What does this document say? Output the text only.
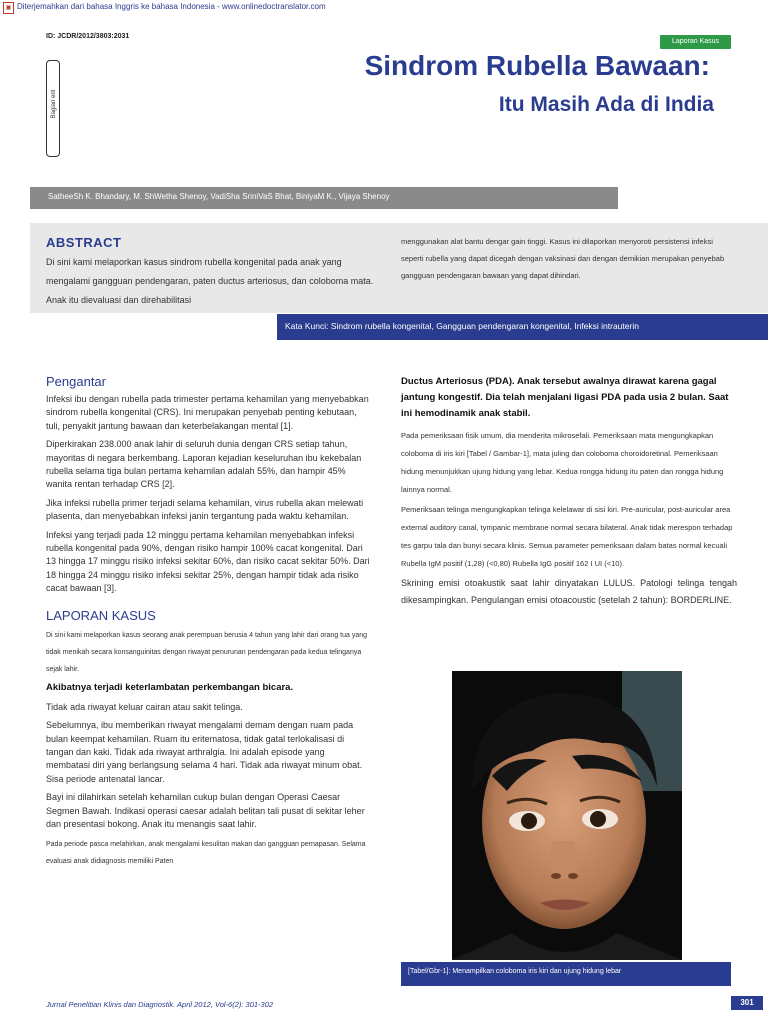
▣ Diterjemahkan dari bahasa Inggris ke bahasa Indonesia - www.onlinedoctranslator.com
ID: JCDR/2012/3803:2031
Laporan Kasus
Bagian ent
Sindrom Rubella Bawaan:
Itu Masih Ada di India
SatheeSh K. Bhandary, M. ShWetha Shenoy, VadiSha SriniVaS Bhat, BiniyaM K., Vijaya Shenoy
ABSTRACT
Di sini kami melaporkan kasus sindrom rubella kongenital pada anak yang mengalami gangguan pendengaran, paten ductus arteriosus, dan coloboma mata. Anak itu dievaluasi dan direhabilitasi
menggunakan alat bantu dengar gain tinggi. Kasus ini dilaporkan menyoroti persistensi infeksi seperti rubella yang dapat dicegah dengan vaksinasi dan dengan demikian merupakan penyebab gangguan pendengaran bawaan yang dapat dihindari.
Kata Kunci: Sindrom rubella kongenital, Gangguan pendengaran kongenital, Infeksi intrauterin
Pengantar

Infeksi ibu dengan rubella pada trimester pertama kehamilan yang menyebabkan sindrom rubella kongenital (CRS). Ini merupakan penyebab penting kebutaan, tuli, penyakit jantung bawaan dan keterbelakangan mental [1].

Diperkirakan 238.000 anak lahir di seluruh dunia dengan CRS setiap tahun, mayoritas di negara berkembang. Laporan kejadian keseluruhan ibu kekebalan rubella selama tiga bulan pertama kehamilan adalah 55%, dan hampir 45% wanita rentan terhadap CRS [2].

Jika infeksi rubella primer terjadi selama kehamilan, virus rubella akan melewati plasenta, dan menyebabkan infeksi janin tergantung pada waktu kehamilan.

Infeksi yang terjadi pada 12 minggu pertama kehamilan menyebabkan infeksi rubella kongenital pada 90%, dengan risiko hampir 100% cacat kongenital. Dari 13 hingga 17 minggu risiko infeksi sekitar 60%, dan risiko cacat sekitar 50%. Dari 18 hingga 24 minggu risiko infeksi sekitar 25%, dengan hampir tidak ada risiko cacat bawaan [3].

LAPORAN KASUS

Di sini kami melaporkan kasus seorang anak perempuan berusia 4 tahun yang lahir dari orang tua yang tidak menikah secara konsanguinitas dengan riwayat penurunan pendengaran pada kedua telinganya sejak lahir.

Akibatnya terjadi keterlambatan perkembangan bicara.

Tidak ada riwayat keluar cairan atau sakit telinga.

Sebelumnya, ibu memberikan riwayat mengalami demam dengan ruam pada bulan keempat kehamilan. Ruam itu eritematosa, tidak gatal terlokalisasi di tangan dan kaki. Tidak ada riwayat arthralgia. Ini adalah episode yang membatasi diri yang berlangsung selama 4 hari. Tidak ada riwayat minum obat. Sisa periode antenatal lancar.

Bayi ini dilahirkan setelah kehamilan cukup bulan dengan Operasi Caesar Segmen Bawah. Indikasi operasi caesar adalah belitan tali pusat di sekitar leher dan presentasi bokong. Anak itu menangis saat lahir.

Pada periode pasca melahirkan, anak mengalami kesulitan makan dan gangguan pernapasan. Selama evaluasi anak didiagnosis memiliki Paten

Ductus Arteriosus (PDA). Anak tersebut awalnya dirawat karena gagal jantung kongestif. Dia telah menjalani ligasi PDA pada usia 2 bulan. Saat ini hemodinamik anak stabil.

Pada pemeriksaan fisik umum, dia menderita mikrosefali. Pemeriksaan mata mengungkapkan coloboma di iris kiri [Tabel / Gambar-1], mata juling dan coloboma choroidoretinal. Pemeriksaan hidung menunjukkan ujung hidung yang lebar. Kedua rongga hidung itu paten dan rongga hidung lainnya normal.

Pemeriksaan telinga mengungkapkan telinga kelelawar di sisi kiri. Pre-auricular, post-auricular area external auditory canal, tympanic membrane normal secara bilateral. Anak tidak merespon terhadap tes garpu tala dan bunyi secara klinis. Semua parameter pemeriksaan dalam batas normal kecuali Rubella IgM positif (1,28) (<0,80) Rubella IgG positif 162 I UI (<10).

Skrining emisi otoakustik saat lahir dinyatakan LULUS. Patologi telinga tengah dikesampingkan. Pengulangan emisi otoacoustic (setelah 2 tahun): BORDERLINE.

[Tabel/Gbr-1]: Menampilkan coloboma iris kiri dan ujung hidung lebar
Jurnal Penelitian Klinis dan Diagnostik. April 2012, Vol-6(2): 301-302	301
